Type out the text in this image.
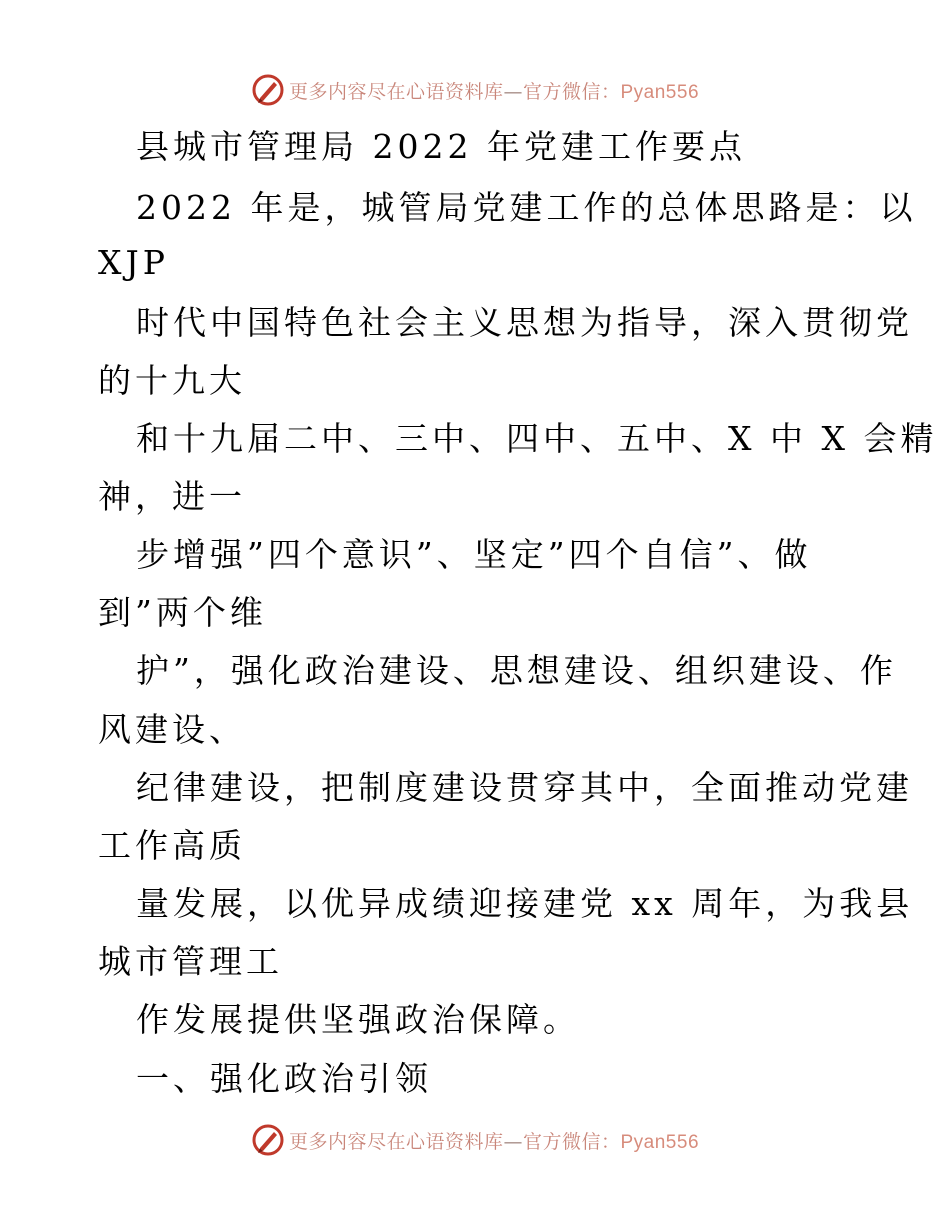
更多内容尽在心语资料库—官方微信：Pyan556
县城市管理局 2022 年党建工作要点
2022 年是，城管局党建工作的总体思路是：以
XJP
时代中国特色社会主义思想为指导，深入贯彻党
的十九大
和十九届二中、三中、四中、五中、X 中 X 会精
神，进一
步增强”四个意识”、坚定”四个自信”、做
到”两个维
护”，强化政治建设、思想建设、组织建设、作
风建设、
纪律建设，把制度建设贯穿其中，全面推动党建
工作高质
量发展，以优异成绩迎接建党 xx 周年，为我县
城市管理工
作发展提供坚强政治保障。
一、强化政治引领
更多内容尽在心语资料库—官方微信：Pyan556
